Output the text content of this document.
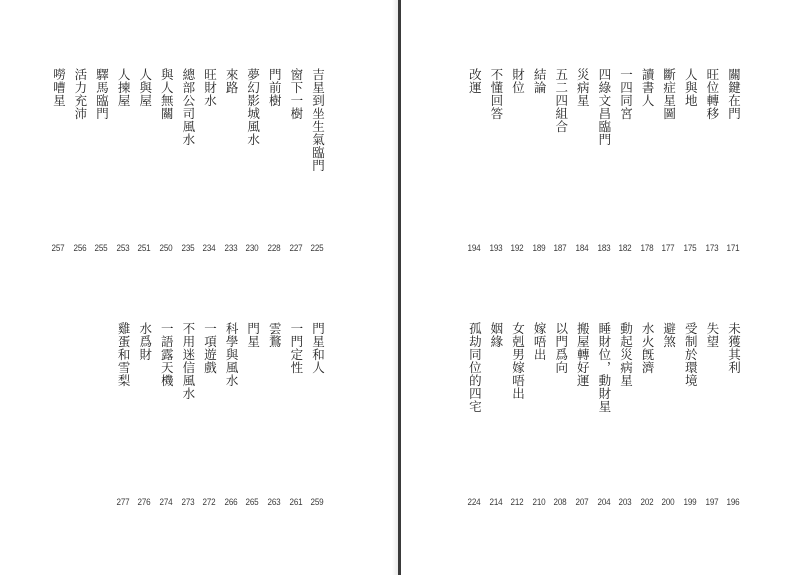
吉星到坐生氣臨門
225
窗下一樹
227
門前樹
228
夢幻影城風水
230
來路
233
旺財水
234
總部公司風水
235
與人無關
250
人與屋
251
人揀屋
253
驛馬臨門
255
活力充沛
256
嘮嘈星
257
門星和人
259
一門定性
261
雲鶩
263
門星
265
科學與風水
266
一項遊戲
272
不用迷信風水
273
一語露天機
274
水爲財
276
雞蛋和雪梨
277
關鍵在門
171
旺位轉移
173
人與地
175
斷症星圖
177
讀書人
178
一四同宮
182
四綠文昌臨門
183
災病星
184
五二四組合
187
結論
189
財位
192
不懂回答
193
改運
194
未獲其利
196
失望
197
受制於環境
199
避煞
200
水火旣濟
202
動起災病星
203
睡財位，動財星
204
搬屋轉好運
207
以門爲向
208
嫁唔出
210
女剋男嫁唔出
212
姻緣
214
孤劫同位的四宅
224
